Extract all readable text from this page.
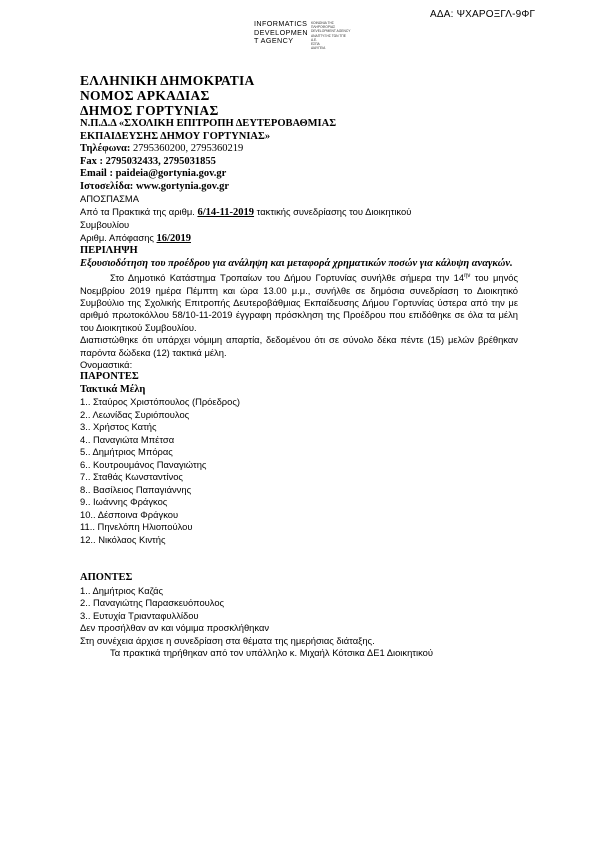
ΑΔΑ: ΨΧΑΡΟΞΓΛ-9ΦΓ
INFORMATICS
DEVELOPMEN
T AGENCY
ΚΟΙΝΩΝΙΑ ΤΗΣ
ΠΛΗΡΟΦΟΡΙΑΣ
DEVELOPMENT AGENCY
ΑΝΑΠΤΥΞΗΣ ΤΩΝ ΤΠΕ
Α.Ε.
ΕΣΠΑ
ΔΙΑΥΓΕΙΑ
ΕΛΛΗΝΙΚΗ ΔΗΜΟΚΡΑΤΙΑ
ΝΟΜΟΣ ΑΡΚΑΔΙΑΣ
ΔΗΜΟΣ ΓΟΡΤΥΝΙΑΣ
Ν.Π.Δ.Δ «ΣΧΟΛΙΚΗ ΕΠΙΤΡΟΠΗ ΔΕΥΤΕΡΟΒΑΘΜΙΑΣ
ΕΚΠΑΙΔΕΥΣΗΣ ΔΗΜΟΥ ΓΟΡΤΥΝΙΑΣ»
Τηλέφωνα: 2795360200, 2795360219
Fax : 2795032433, 2795031855
Email : paideia@gortynia.gov.gr
Ιστοσελίδα: www.gortynia.gov.gr
ΑΠΟΣΠΑΣΜΑ
Από τα Πρακτικά της αριθμ. 6/14-11-2019 τακτικής συνεδρίασης του Διοικητικού
Συμβουλίου
Αριθμ. Απόφασης 16/2019
ΠΕΡΙΛΗΨΗ
Εξουσιοδότηση του προέδρου για ανάληψη και μεταφορά χρηματικών ποσών για κάλυψη αναγκών.
Στο Δημοτικό Κατάστημα Τροπαίων του Δήμου Γορτυνίας συνήλθε σήμερα την $14^{\eta\nu}$ του μηνός Νοεμβρίου 2019 ημέρα Πέμπτη και ώρα 13.00 μ.μ., συνήλθε σε δημόσια συνεδρίαση το Διοικητικό Συμβούλιο της Σχολικής Επιτροπής Δευτεροβάθμιας Εκπαίδευσης Δήμου Γορτυνίας ύστερα από την με αριθμό πρωτοκόλλου 58/10-11-2019 έγγραφη πρόσκληση της Προέδρου που επιδόθηκε σε όλα τα μέλη του Διοικητικού Συμβουλίου.
Διαπιστώθηκε ότι υπάρχει νόμιμη απαρτία, δεδομένου ότι σε σύνολο δέκα πέντε (15) μελών βρέθηκαν παρόντα δώδεκα (12) τακτικά μέλη.
Ονομαστικά:
ΠΑΡΟΝΤΕΣ
Τακτικά Μέλη
1.. Σταύρος Χριστόπουλος (Πρόεδρος)
2.. Λεωνίδας Συριόπουλος
3.. Χρήστος Κατής
4.. Παναγιώτα Μπέτσα
5.. Δημήτριος Μπόρας
6.. Κουτρουμάνος Παναγιώτης
7.. Σταθάς Κωνσταντίνος
8.. Βασίλειος Παπαγιάννης
9.. Ιωάννης Φράγκος
10.. Δέσποινα Φράγκου
11.. Πηνελόπη Ηλιοπούλου
12.. Νικόλαος Κιντής
ΑΠΟΝΤΕΣ
1.. Δημήτριος Καζάς
2.. Παναγιώτης Παρασκευόπουλος
3.. Ευτυχία Τριανταφυλλίδου
Δεν προσήλθαν αν και νόμιμα προσκλήθηκαν
Στη συνέχεια άρχισε η συνεδρίαση στα θέματα της ημερήσιας διάταξης.
Τα πρακτικά τηρήθηκαν από τον υπάλληλο κ. Μιχαήλ Κότσικα ΔΕ1 Διοικητικού
